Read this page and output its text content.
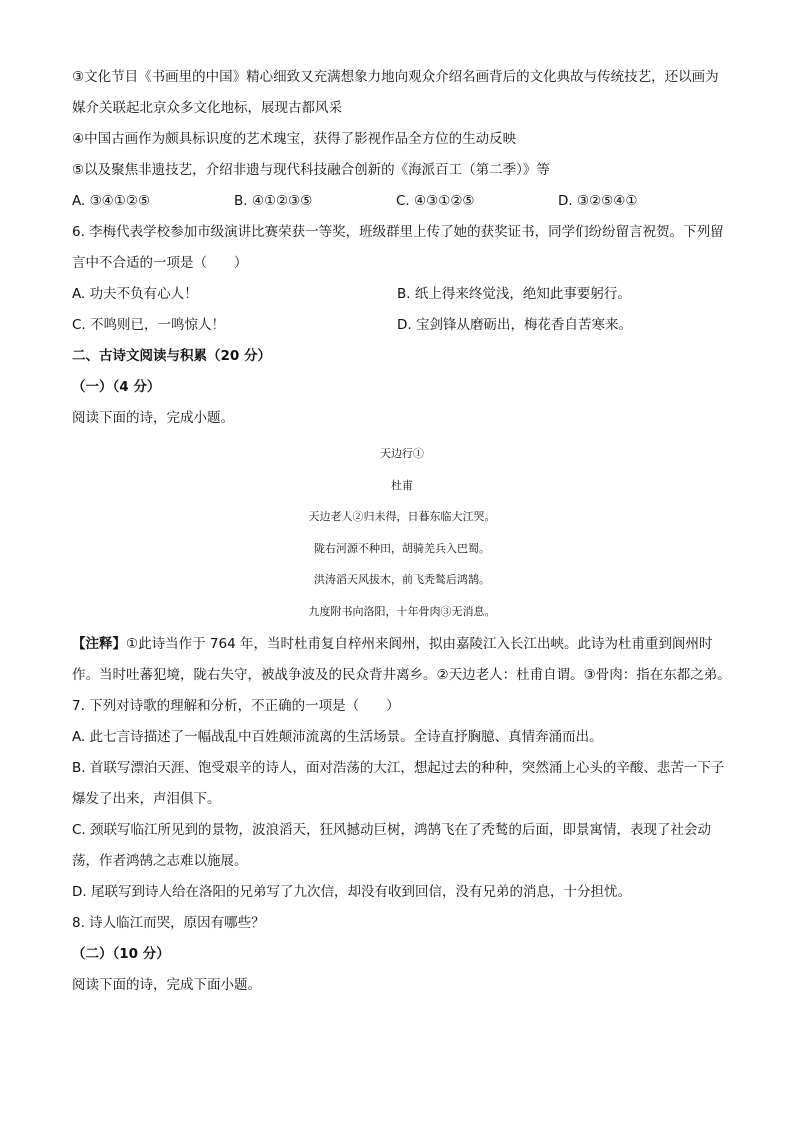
③文化节目《书画里的中国》精心细致又充满想象力地向观众介绍名画背后的文化典故与传统技艺，还以画为媒介关联起北京众多文化地标，展现古都风采
④中国古画作为颇具标识度的艺术瑰宝，获得了影视作品全方位的生动反映
⑤以及聚焦非遗技艺，介绍非遗与现代科技融合创新的《海派百工（第二季）》等
A. ③④①②⑤	B. ④①②③⑤	C. ④③①②⑤	D. ③②⑤④①
6. 李梅代表学校参加市级演讲比赛荣获一等奖，班级群里上传了她的获奖证书，同学们纷纷留言祝贺。下列留言中不合适的一项是（　　）
A. 功夫不负有心人！	B. 纸上得来终觉浅，绝知此事要躬行。
C. 不鸣则已，一鸣惊人！	D. 宝剑锋从磨砺出，梅花香自苦寒来。
二、古诗文阅读与积累（20 分）
（一）（4 分）
阅读下面的诗，完成小题。
天边行①
杜甫
天边老人②归未得，日暮东临大江哭。
陇右河源不种田，胡骑羌兵入巴蜀。
洪涛滔天风拔木，前飞秃鹙后鸿鹄。
九度附书向洛阳，十年骨肉③无消息。
【注释】①此诗当作于 764 年，当时杜甫复自梓州来阆州，拟由嘉陵江入长江出峡。此诗为杜甫重到阆州时作。当时吐蕃犯境，陇右失守，被战争波及的民众背井离乡。②天边老人：杜甫自谓。③骨肉：指在东都之弟。
7. 下列对诗歌的理解和分析，不正确的一项是（　　）
A. 此七言诗描述了一幅战乱中百姓颠沛流离的生活场景。全诗直抒胸臆、真情奔涌而出。
B. 首联写漂泊天涯、饱受艰辛的诗人，面对浩荡的大江，想起过去的种种，突然涌上心头的辛酸、悲苦一下子爆发了出来，声泪俱下。
C. 颈联写临江所见到的景物，波浪滔天，狂风撼动巨树，鸿鹄飞在了秃鹙的后面，即景寓情，表现了社会动荡，作者鸿鹄之志难以施展。
D. 尾联写到诗人给在洛阳的兄弟写了九次信，却没有收到回信，没有兄弟的消息，十分担忧。
8. 诗人临江而哭，原因有哪些？
（二）（10 分）
阅读下面的诗，完成下面小题。
